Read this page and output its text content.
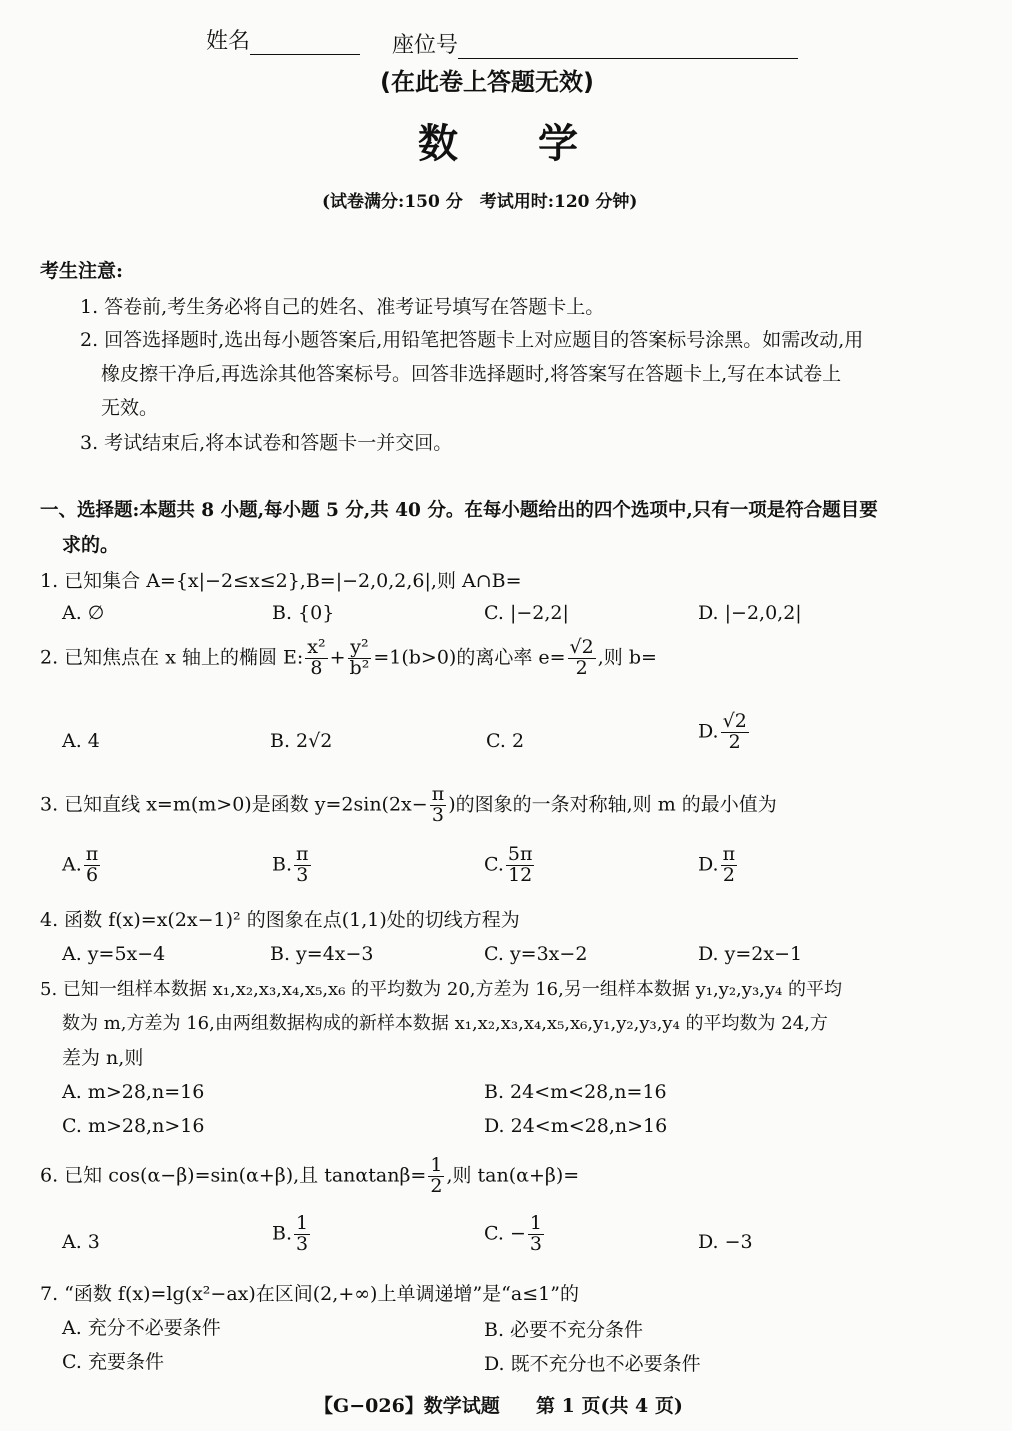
姓名	座位号
(在此卷上答题无效)
数学
(试卷满分:150 分　考试用时:120 分钟)
考生注意:
1. 答卷前,考生务必将自己的姓名、准考证号填写在答题卡上。
2. 回答选择题时,选出每小题答案后,用铅笔把答题卡上对应题目的答案标号涂黑。如需改动,用
橡皮擦干净后,再选涂其他答案标号。回答非选择题时,将答案写在答题卡上,写在本试卷上
无效。
3. 考试结束后,将本试卷和答题卡一并交回。
一、选择题:本题共 8 小题,每小题 5 分,共 40 分。在每小题给出的四个选项中,只有一项是符合题目要
求的。
1. 已知集合 A={x|−2≤x≤2},B=|−2,0,2,6|,则 A∩B=
A. ∅	B. {0}	C. |−2,2|	D. |−2,0,2|
2. 已知焦点在 x 轴上的椭圆 E: $\frac{\text{x²}}{8} + \frac{\text{y²}}{\text{b²}} =1(b>0)$的离心率 $e= \frac{√2}{2}$ ,则 b=
A. 4	B. 2√2	C. 2	D. $\frac{√2}{2}$
3. 已知直线 x=m(m>0)是函数 $y=2\sin(2x- \frac{\pi}{3}$ )的图象的一条对称轴,则 m 的最小值为
A. $\frac{\pi}{6}$	B. $\frac{\pi}{3}$	C. $\frac{5\pi}{12}$	D. $\frac{\pi}{2}$
4. 函数 f(x)=x(2x−1)² 的图象在点(1,1)处的切线方程为
A. y=5x−4	B. y=4x−3	C. y=3x−2	D. y=2x−1
5. 已知一组样本数据 x₁,x₂,x₃,x₄,x₅,x₆ 的平均数为 20,方差为 16,另一组样本数据 y₁,y₂,y₃,y₄ 的平均
数为 m,方差为 16,由两组数据构成的新样本数据 x₁,x₂,x₃,x₄,x₅,x₆,y₁,y₂,y₃,y₄ 的平均数为 24,方
差为 n,则
A. m>28,n=16	B. 24<m<28,n=16
C. m>28,n>16	D. 24<m<28,n>16
6. 已知 cos(α−β)=sin(α+β),且 $\tan\alpha\tan\beta= \frac{1}{2}$ ,则 tan(α+β)=
A. 3	B. $\frac{1}{3}$	C. − $\frac{1}{3}$	D. −3
7. “函数 f(x)=lg(x²−ax)在区间(2,+∞)上单调递增”是“a≤1”的
A. 充分不必要条件	B. 必要不充分条件
C. 充要条件	D. 既不充分也不必要条件
【G−026】数学试题 第 1 页(共 4 页)
